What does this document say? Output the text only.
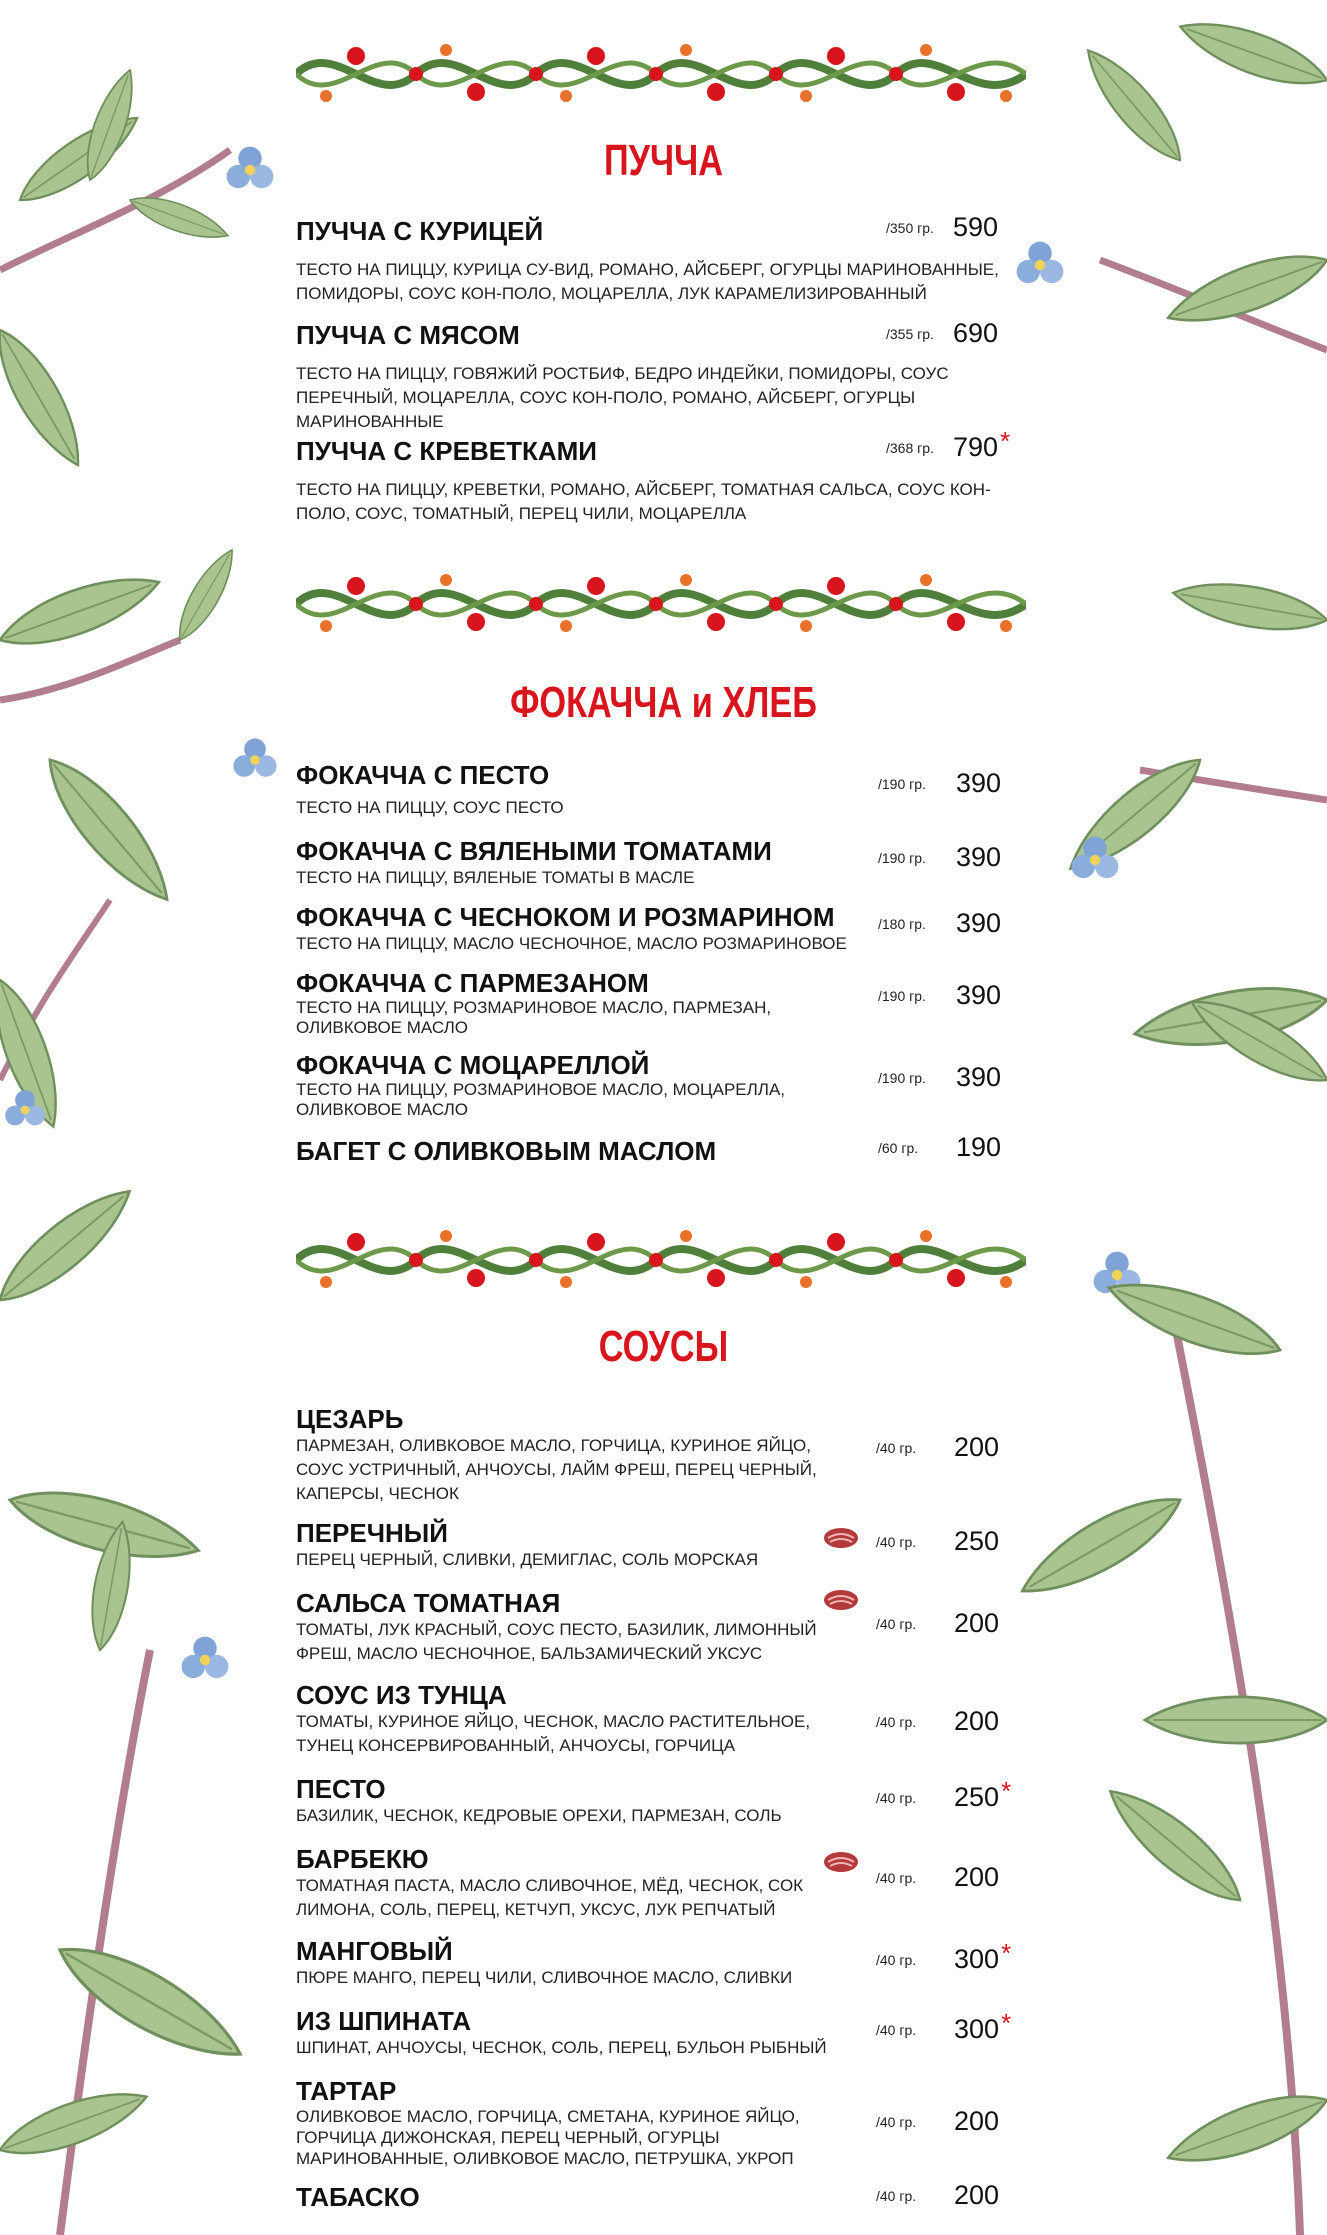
ПУЧЧА
ФОКАЧЧА и ХЛЕБ
СОУСЫ
ПУЧЧА С КУРИЦЕЙ
ТЕСТО НА ПИЦЦУ, КУРИЦА СУ-ВИД, РОМАНО, АЙСБЕРГ, ОГУРЦЫ МАРИНОВАННЫЕ, ПОМИДОРЫ, СОУС КОН-ПОЛО, МОЦАРЕЛЛА, ЛУК КАРАМЕЛИЗИРОВАННЫЙ
/350 гр. 590
ПУЧЧА С МЯСОМ
ТЕСТО НА ПИЦЦУ, ГОВЯЖИЙ РОСТБИФ, БЕДРО ИНДЕЙКИ, ПОМИДОРЫ, СОУС ПЕРЕЧНЫЙ, МОЦАРЕЛЛА, СОУС КОН-ПОЛО, РОМАНО, АЙСБЕРГ, ОГУРЦЫ МАРИНОВАННЫЕ
/355 гр. 690
ПУЧЧА С КРЕВЕТКАМИ
ТЕСТО НА ПИЦЦУ, КРЕВЕТКИ, РОМАНО, АЙСБЕРГ, ТОМАТНАЯ САЛЬСА, СОУС КОН-ПОЛО, СОУС, ТОМАТНЫЙ, ПЕРЕЦ ЧИЛИ, МОЦАРЕЛЛА
/368 гр. 790*
ФОКАЧЧА С ПЕСТО
ТЕСТО НА ПИЦЦУ, СОУС ПЕСТО
/190 гр. 390
ФОКАЧЧА С ВЯЛЕНЫМИ ТОМАТАМИ
ТЕСТО НА ПИЦЦУ, ВЯЛЕНЫЕ ТОМАТЫ В МАСЛЕ
/190 гр. 390
ФОКАЧЧА С ЧЕСНОКОМ И РОЗМАРИНОМ
ТЕСТО НА ПИЦЦУ, МАСЛО ЧЕСНОЧНОЕ, МАСЛО РОЗМАРИНОВОЕ
/180 гр. 390
ФОКАЧЧА С ПАРМЕЗАНОМ
ТЕСТО НА ПИЦЦУ, РОЗМАРИНОВОЕ МАСЛО, ПАРМЕЗАН, ОЛИВКОВОЕ МАСЛО
/190 гр. 390
ФОКАЧЧА С МОЦАРЕЛЛОЙ
ТЕСТО НА ПИЦЦУ, РОЗМАРИНОВОЕ МАСЛО, МОЦАРЕЛЛА, ОЛИВКОВОЕ МАСЛО
/190 гр. 390
БАГЕТ С ОЛИВКОВЫМ МАСЛОМ	/60 гр. 190
ЦЕЗАРЬ
ПАРМЕЗАН, ОЛИВКОВОЕ МАСЛО, ГОРЧИЦА, КУРИНОЕ ЯЙЦО, СОУС УСТРИЧНЫЙ, АНЧОУСЫ, ЛАЙМ ФРЕШ, ПЕРЕЦ ЧЕРНЫЙ, КАПЕРСЫ, ЧЕСНОК
/40 гр. 200
ПЕРЕЧНЫЙ
ПЕРЕЦ ЧЕРНЫЙ, СЛИВКИ, ДЕМИГЛАС, СОЛЬ МОРСКАЯ
/40 гр. 250
САЛЬСА ТОМАТНАЯ
ТОМАТЫ, ЛУК КРАСНЫЙ, СОУС ПЕСТО, БАЗИЛИК, ЛИМОННЫЙ ФРЕШ, МАСЛО ЧЕСНОЧНОЕ, БАЛЬЗАМИЧЕСКИЙ УКСУС
/40 гр. 200
СОУС ИЗ ТУНЦА
ТОМАТЫ, КУРИНОЕ ЯЙЦО, ЧЕСНОК, МАСЛО РАСТИТЕЛЬНОЕ, ТУНЕЦ КОНСЕРВИРОВАННЫЙ, АНЧОУСЫ, ГОРЧИЦА
/40 гр. 200
ПЕСТО
БАЗИЛИК, ЧЕСНОК, КЕДРОВЫЕ ОРЕХИ, ПАРМЕЗАН, СОЛЬ
/40 гр. 250*
БАРБЕКЮ
ТОМАТНАЯ ПАСТА, МАСЛО СЛИВОЧНОЕ, МЁД, ЧЕСНОК, СОК ЛИМОНА, СОЛЬ, ПЕРЕЦ, КЕТЧУП, УКСУС, ЛУК РЕПЧАТЫЙ
/40 гр. 200
МАНГОВЫЙ
ПЮРЕ МАНГО, ПЕРЕЦ ЧИЛИ, СЛИВОЧНОЕ МАСЛО, СЛИВКИ
/40 гр. 300*
ИЗ ШПИНАТА
ШПИНАТ, АНЧОУСЫ, ЧЕСНОК, СОЛЬ, ПЕРЕЦ, БУЛЬОН РЫБНЫЙ
/40 гр. 300*
ТАРТАР
ОЛИВКОВОЕ МАСЛО, ГОРЧИЦА, СМЕТАНА, КУРИНОЕ ЯЙЦО, ГОРЧИЦА ДИЖОНСКАЯ, ПЕРЕЦ ЧЕРНЫЙ, ОГУРЦЫ МАРИНОВАННЫЕ, ОЛИВКОВОЕ МАСЛО, ПЕТРУШКА, УКРОП
/40 гр. 200
ТАБАСКО	/40 гр. 200
